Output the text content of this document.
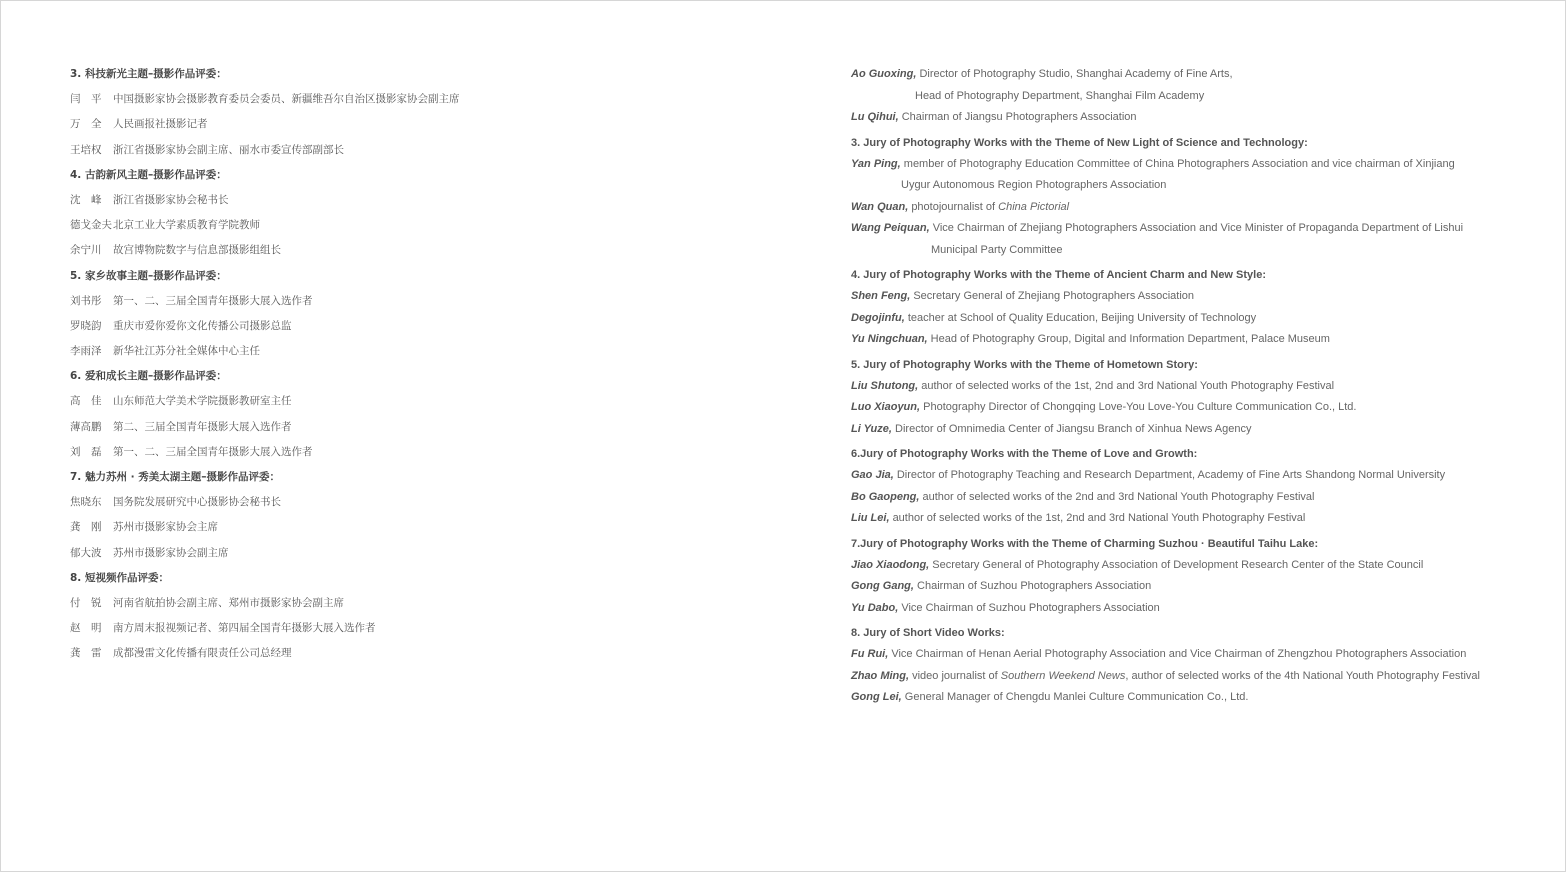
3. 科技新光主题–摄影作品评委：
闫　平 中国摄影家协会摄影教育委员会委员、新疆维吾尔自治区摄影家协会副主席
万　全 人民画报社摄影记者
王培权 浙江省摄影家协会副主席、丽水市委宣传部副部长
4. 古韵新风主题–摄影作品评委：
沈　峰 浙江省摄影家协会秘书长
德戈金夫北京工业大学素质教育学院教师
余宁川 故宫博物院数字与信息部摄影组组长
5. 家乡故事主题–摄影作品评委：
刘书彤 第一、二、三届全国青年摄影大展入选作者
罗晓韵 重庆市爱你爱你文化传播公司摄影总监
李雨泽 新华社江苏分社全媒体中心主任
6. 爱和成长主题–摄影作品评委：
高　佳 山东师范大学美术学院摄影教研室主任
薄高鹏 第二、三届全国青年摄影大展入选作者
刘　磊 第一、二、三届全国青年摄影大展入选作者
7. 魅力苏州 · 秀美太湖主题–摄影作品评委：
焦晓东 国务院发展研究中心摄影协会秘书长
龚　刚 苏州市摄影家协会主席
郁大波 苏州市摄影家协会副主席
8. 短视频作品评委：
付　锐 河南省航拍协会副主席、郑州市摄影家协会副主席
赵　明 南方周末报视频记者、第四届全国青年摄影大展入选作者
龚　雷 成都漫雷文化传播有限责任公司总经理
Ao Guoxing, Director of Photography Studio, Shanghai Academy of Fine Arts,
Head of Photography Department, Shanghai Film Academy
Lu Qihui, Chairman of Jiangsu Photographers Association
3. Jury of Photography Works with the Theme of New Light of Science and Technology:
Yan Ping, member of Photography Education Committee of China Photographers Association and vice chairman of Xinjiang
Uygur Autonomous Region Photographers Association
Wan Quan, photojournalist of China Pictorial
Wang Peiquan, Vice Chairman of Zhejiang Photographers Association and Vice Minister of Propaganda Department of Lishui
Municipal Party Committee
4. Jury of Photography Works with the Theme of Ancient Charm and New Style:
Shen Feng, Secretary General of Zhejiang Photographers Association
Degojinfu, teacher at School of Quality Education, Beijing University of Technology
Yu Ningchuan, Head of Photography Group, Digital and Information Department, Palace Museum
5. Jury of Photography Works with the Theme of Hometown Story:
Liu Shutong, author of selected works of the 1st, 2nd and 3rd National Youth Photography Festival
Luo Xiaoyun, Photography Director of Chongqing Love-You Love-You Culture Communication Co., Ltd.
Li Yuze, Director of Omnimedia Center of Jiangsu Branch of Xinhua News Agency
6.Jury of Photography Works with the Theme of Love and Growth:
Gao Jia, Director of Photography Teaching and Research Department, Academy of Fine Arts Shandong Normal University
Bo Gaopeng, author of selected works of the 2nd and 3rd National Youth Photography Festival
Liu Lei, author of selected works of the 1st, 2nd and 3rd National Youth Photography Festival
7.Jury of Photography Works with the Theme of Charming Suzhou · Beautiful Taihu Lake:
Jiao Xiaodong, Secretary General of Photography Association of Development Research Center of the State Council
Gong Gang, Chairman of Suzhou Photographers Association
Yu Dabo, Vice Chairman of Suzhou Photographers Association
8. Jury of Short Video Works:
Fu Rui, Vice Chairman of Henan Aerial Photography Association and Vice Chairman of Zhengzhou Photographers Association
Zhao Ming, video journalist of Southern Weekend News, author of selected works of the 4th National Youth Photography Festival
Gong Lei, General Manager of Chengdu Manlei Culture Communication Co., Ltd.
